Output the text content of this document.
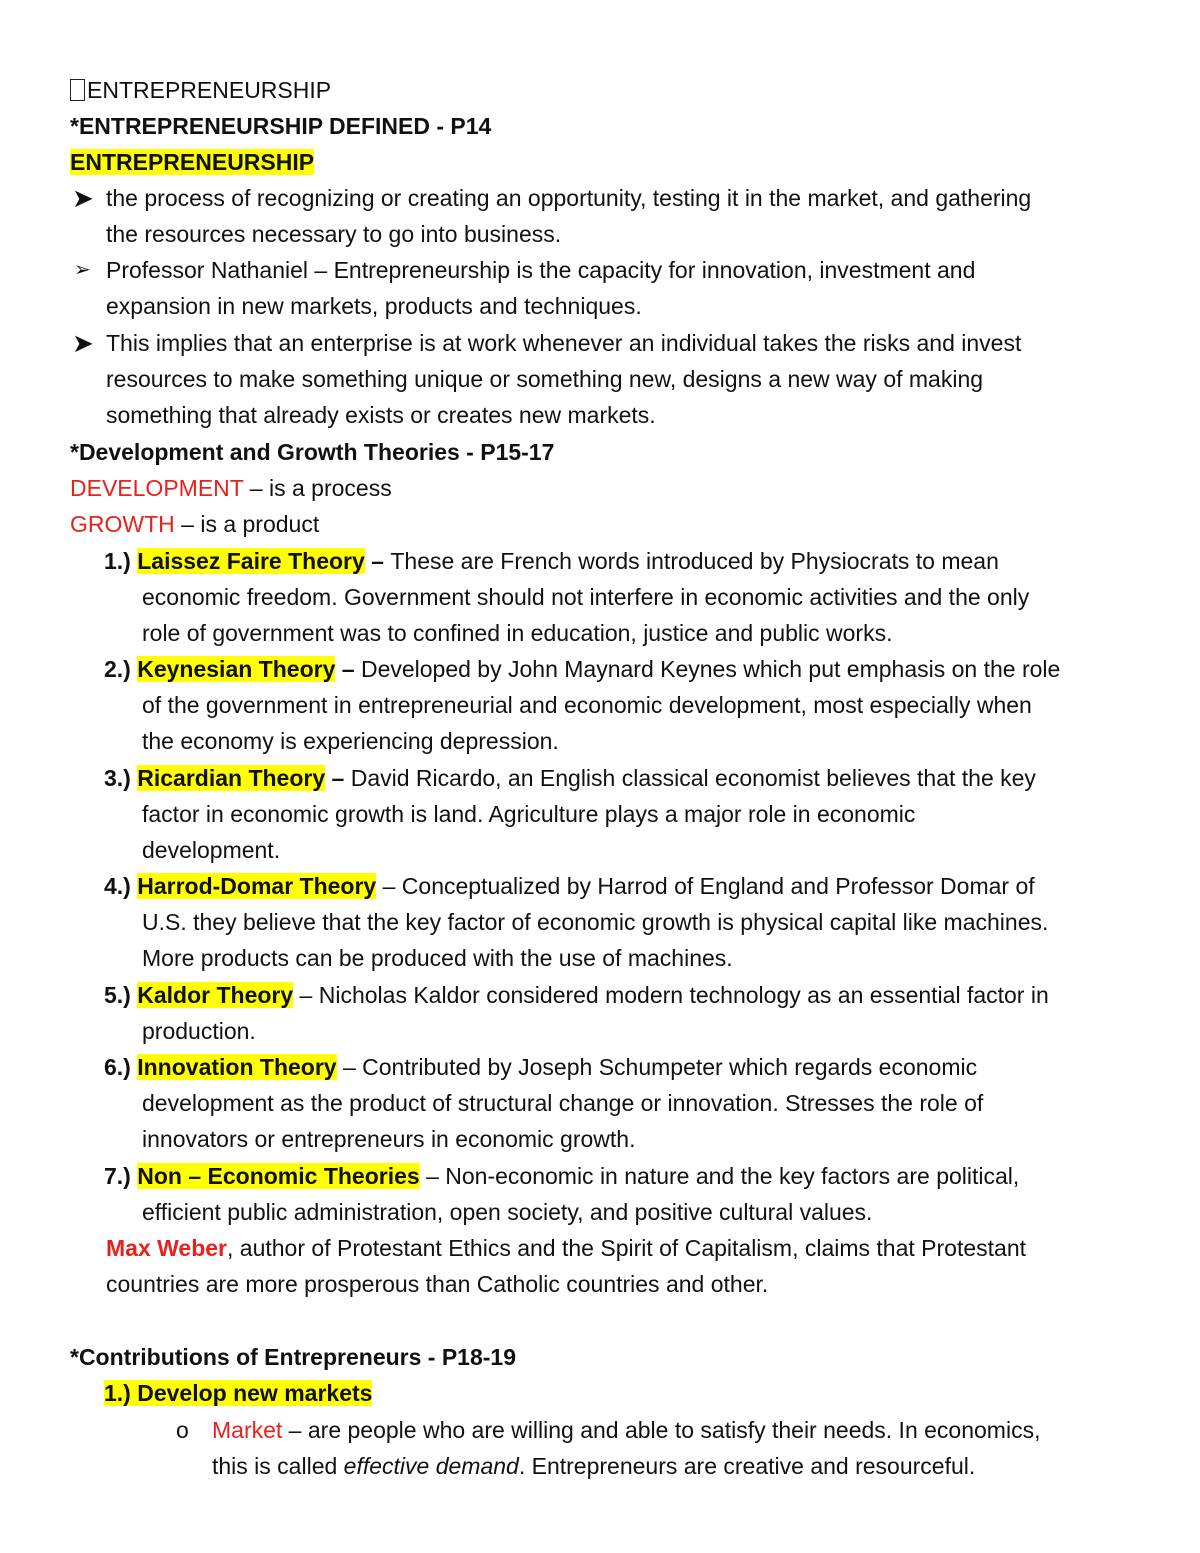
ENTREPRENEURSHIP
*ENTREPRENEURSHIP DEFINED - P14
ENTREPRENEURSHIP
➤ the process of recognizing or creating an opportunity, testing it in the market, and gathering
the resources necessary to go into business.
➢ Professor Nathaniel – Entrepreneurship is the capacity for innovation, investment and
expansion in new markets, products and techniques.
➤ This implies that an enterprise is at work whenever an individual takes the risks and invest
resources to make something unique or something new, designs a new way of making
something that already exists or creates new markets.
*Development and Growth Theories - P15-17
DEVELOPMENT – is a process
GROWTH – is a product
1.) Laissez Faire Theory – These are French words introduced by Physiocrats to mean
economic freedom. Government should not interfere in economic activities and the only
role of government was to confined in education, justice and public works.
2.) Keynesian Theory – Developed by John Maynard Keynes which put emphasis on the role
of the government in entrepreneurial and economic development, most especially when
the economy is experiencing depression.
3.) Ricardian Theory – David Ricardo, an English classical economist believes that the key
factor in economic growth is land. Agriculture plays a major role in economic
development.
4.) Harrod-Domar Theory – Conceptualized by Harrod of England and Professor Domar of
U.S. they believe that the key factor of economic growth is physical capital like machines.
More products can be produced with the use of machines.
5.) Kaldor Theory – Nicholas Kaldor considered modern technology as an essential factor in
production.
6.) Innovation Theory – Contributed by Joseph Schumpeter which regards economic
development as the product of structural change or innovation. Stresses the role of
innovators or entrepreneurs in economic growth.
7.) Non – Economic Theories – Non-economic in nature and the key factors are political,
efficient public administration, open society, and positive cultural values.
Max Weber, author of Protestant Ethics and the Spirit of Capitalism, claims that Protestant
countries are more prosperous than Catholic countries and other.
*Contributions of Entrepreneurs - P18-19
1.) Develop new markets
o Market – are people who are willing and able to satisfy their needs. In economics,
this is called effective demand. Entrepreneurs are creative and resourceful.
